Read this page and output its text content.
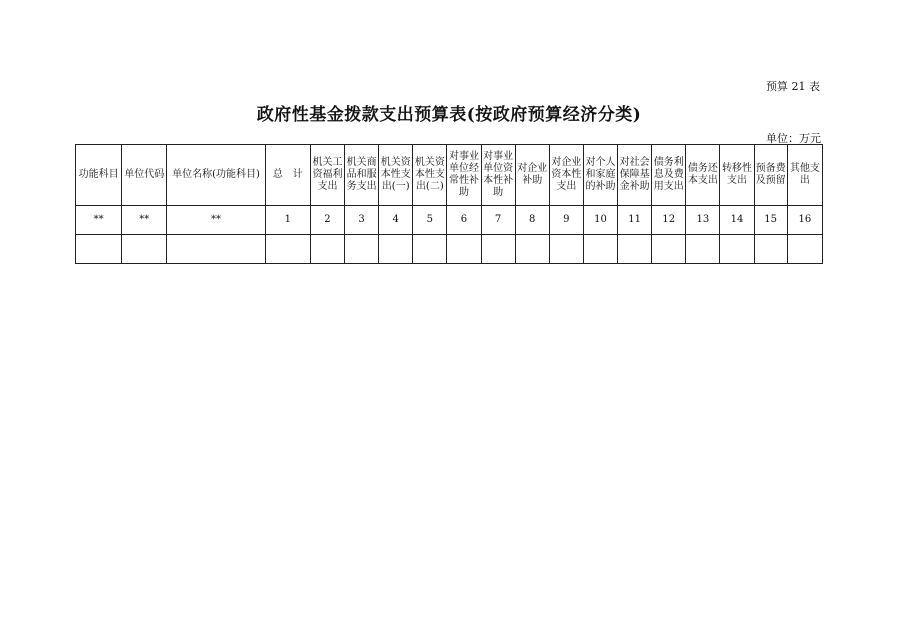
预算 21 表
政府性基金拨款支出预算表(按政府预算经济分类)
单位：万元
功能科目	单位代码	单位名称(功能科目)	总　计	机关工资福利支出	机关商品和服务支出	机关资本性支出(一)	机关资本性支出(二)	对事业单位经常性补助	对事业单位资本性补助	对企业补助	对企业资本性支出	对个人和家庭的补助	对社会保障基金补助	债务利息及费用支出	债务还本支出	转移性支出	预备费及预留	其他支出
**	**	**	1	2	3	4	5	6	7	8	9	10	11	12	13	14	15	16
